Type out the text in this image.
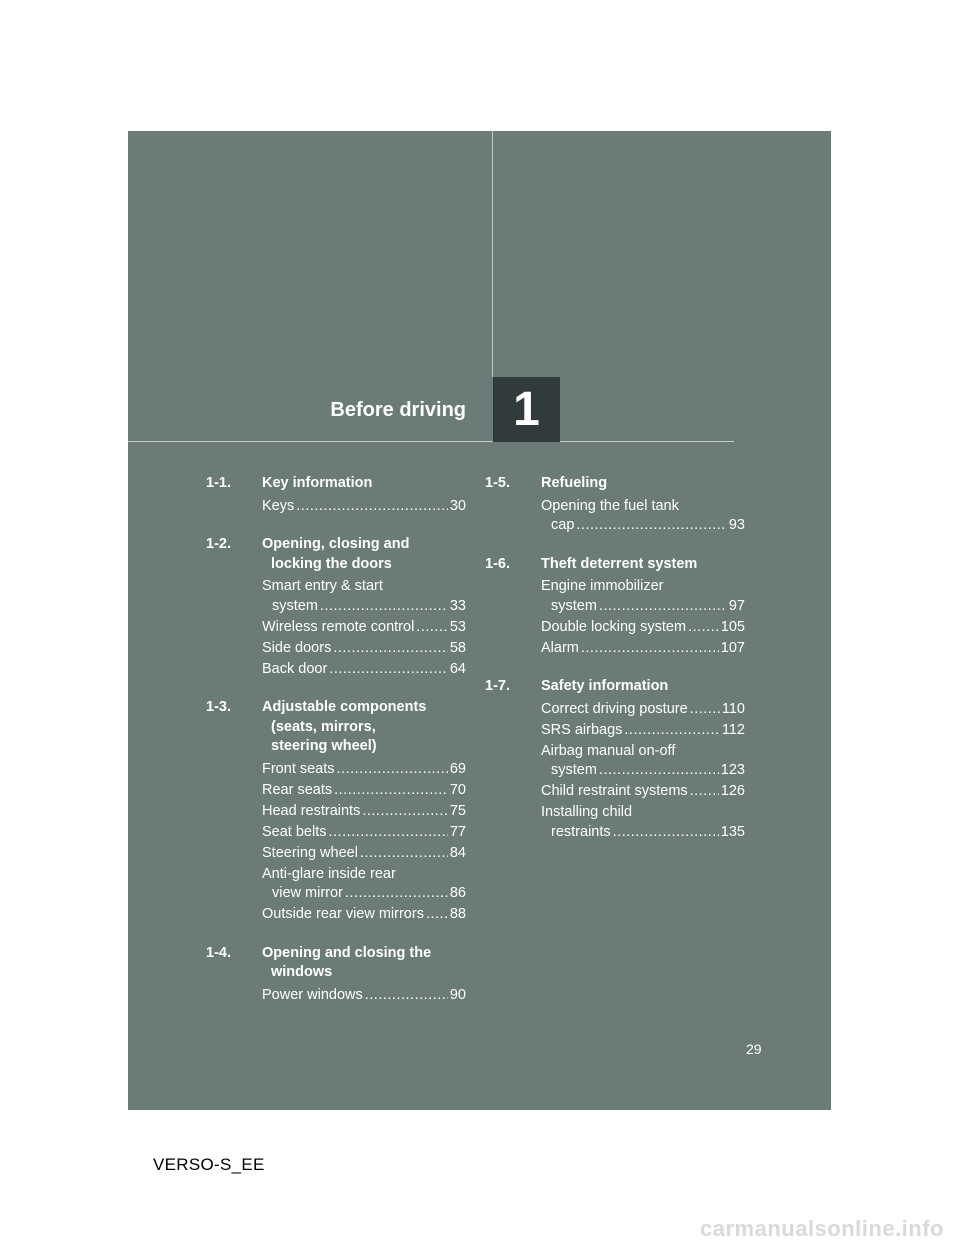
Before driving 1
1-1.	Key information
Keys .....	30
1-2.	Opening, closing and
locking the doors
Smart entry & start
system .....	33
Wireless remote control ..... 53
Side doors .....	58
Back door .....	64
1-3.	Adjustable components
(seats, mirrors,
steering wheel)
Front seats .....	69
Rear seats .....	70
Head restraints .....	75
Seat belts .....	77
Steering wheel .....	84
Anti-glare inside rear
view mirror .....	86
Outside rear view mirrors ..... 88
1-4.	Opening and closing the
windows
Power windows .....	90
1-5.	Refueling
Opening the fuel tank
cap .....	93
1-6.	Theft deterrent system
Engine immobilizer
system .....	97
Double locking system ..... 105
Alarm .....	107
1-7.	Safety information
Correct driving posture ..... 110
SRS airbags .....	112
Airbag manual on-off
system .....	123
Child restraint systems ..... 126
Installing child
restraints .....	135
29
VERSO-S_EE
carmanualsonline.info
